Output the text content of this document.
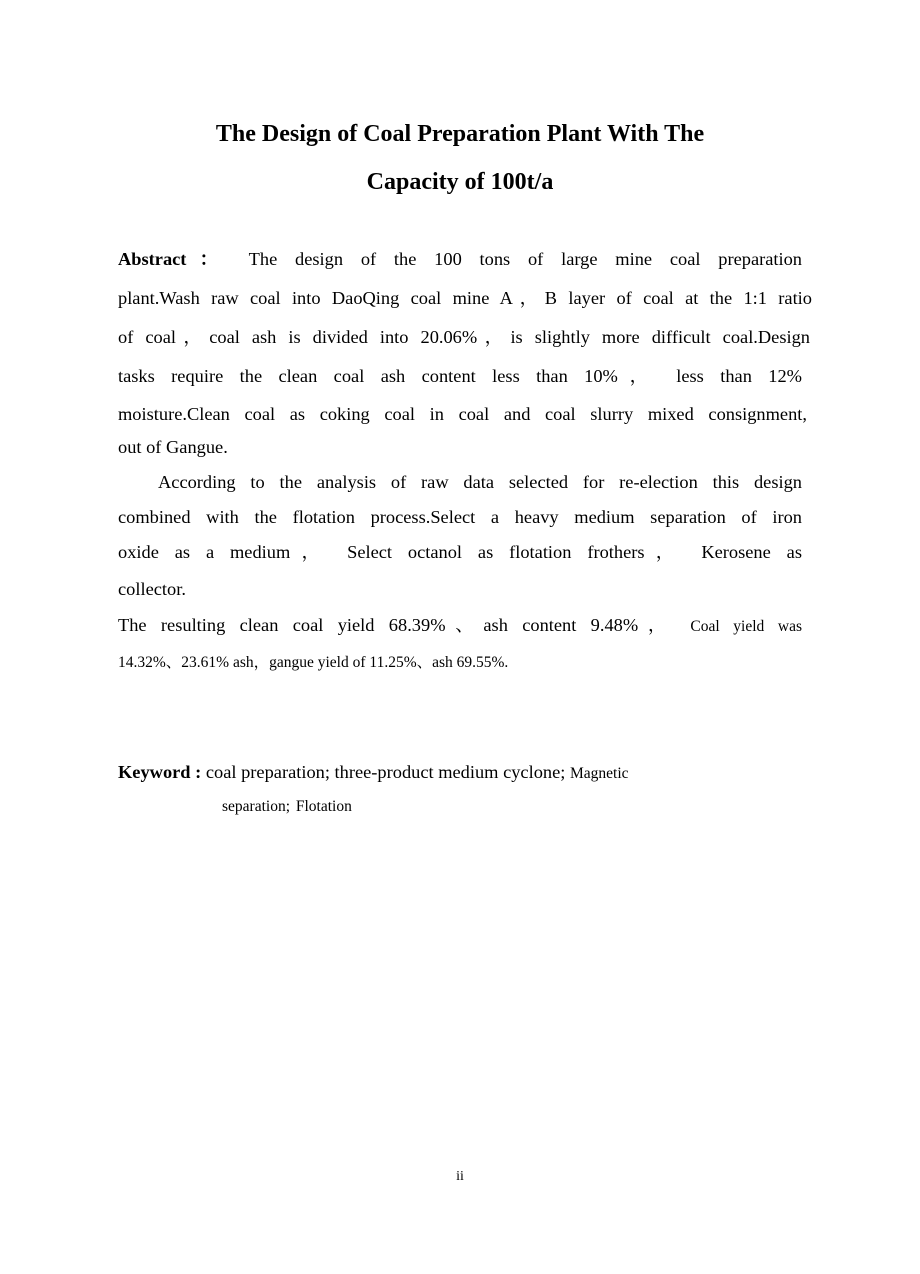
The Design of Coal Preparation Plant With The
Capacity of 100t/a
Abstract： The design of the 100 tons of large mine coal preparation
plant.Wash raw coal into DaoQing coal mine A，B layer of coal at the 1:1 ratio
of coal，coal ash is divided into 20.06%，is slightly more difficult coal.Design
tasks require the clean coal ash content less than 10%， less than 12%
moisture.Clean coal as coking coal in coal and coal slurry mixed consignment,
out of Gangue.
According to the analysis of raw data selected for re-election this design
combined with the flotation process.Select a heavy medium separation of iron
oxide as a medium， Select octanol as flotation frothers， Kerosene as
collector.
The resulting clean coal yield 68.39%、ash content 9.48%， Coal yield was
14.32%、23.61% ash，gangue yield of 11.25%、ash 69.55%.
Keyword : coal preparation; three-product medium cyclone; Magnetic
separation; Flotation
ii
